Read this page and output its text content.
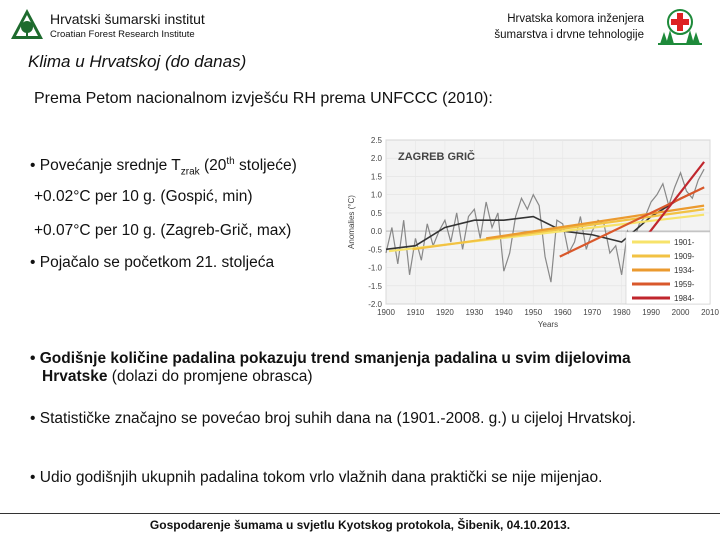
Hrvatski šumarski institut
Croatian Forest Research Institute
Hrvatska komora inženjera
šumarstva i drvne tehnologije
Klima u Hrvatskoj (do danas)
Prema Petom nacionalnom izvješću RH prema UNFCCC (2010):
• Povećanje srednje $T_{zrak}$ (20th stoljeće)
+0.02°C per 10 g. (Gospić, min)
+0.07°C per 10 g. (Zagreb-Grič, max)
• Pojačalo se početkom 21. stoljeća
• Godišnje količine padalina pokazuju trend smanjenja padalina u svim dijelovima Hrvatske (dolazi do promjene obrasca)
• Statističke značajno se povećao broj suhih dana na (1901.-2008. g.) u cijeloj Hrvatskoj.
• Udio godišnjih ukupnih padalina tokom vrlo vlažnih dana praktički se nije mijenjao.
2.5
2.0
1.5
1.0
0.5
0.0
-0.5
-1.0
-1.5
-2.0
1900 1910 1920 1930 1940 1950 1960 1970 1980 1990 2000 2010
Years
Anomalies (°C)
ZAGREB GRIČ
1901-
1909-
1934-
1959-
1984-
Gospodarenje šumama u svjetlu Kyotskog protokola, Šibenik, 04.10.2013.
